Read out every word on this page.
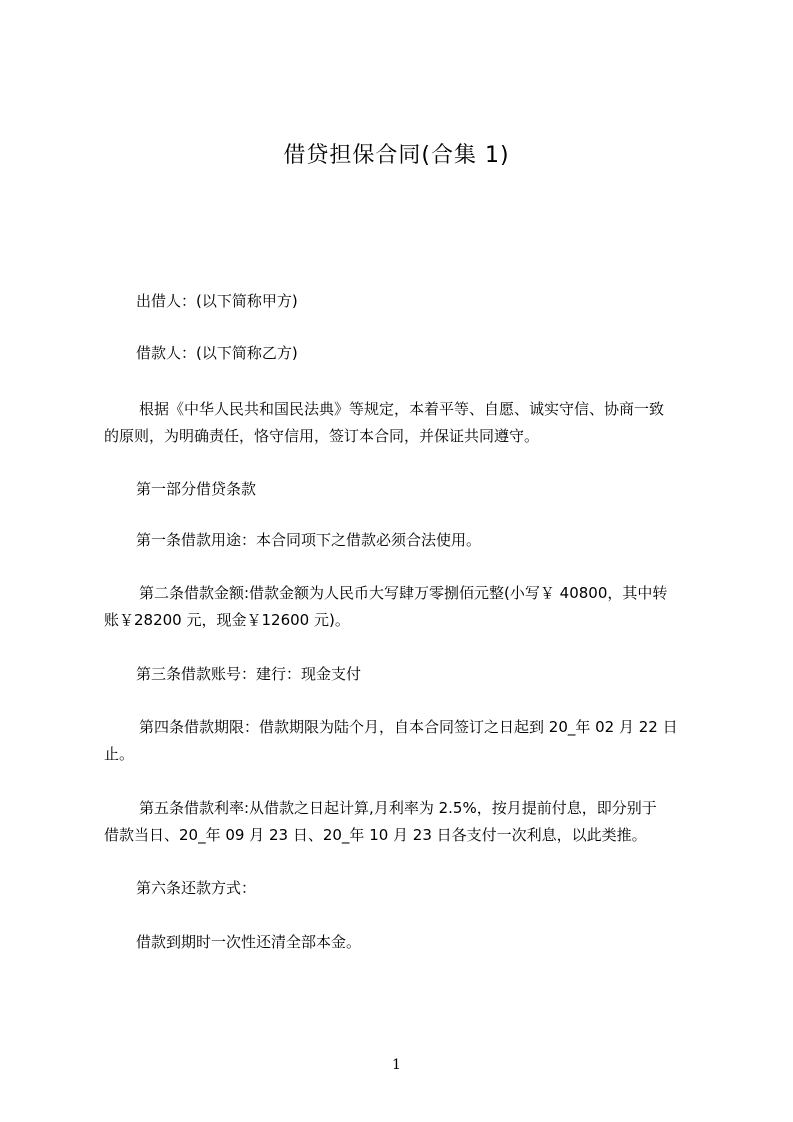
借贷担保合同(合集 1)

出借人：(以下简称甲方)

借款人：(以下简称乙方)

根据《中华人民共和国民法典》等规定，本着平等、自愿、诚实守信、协商一致
的原则，为明确责任，恪守信用，签订本合同，并保证共同遵守。

第一部分借贷条款

第一条借款用途：本合同项下之借款必须合法使用。

第二条借款金额:借款金额为人民币大写肆万零捌佰元整(小写￥ 40800，其中转
账￥28200 元，现金￥12600 元)。

第三条借款账号：建行：现金支付

第四条借款期限：借款期限为陆个月，自本合同签订之日起到 20_年 02 月 22 日
止。
第五条借款利率:从借款之日起计算,月利率为 2.5%，按月提前付息，即分别于
借款当日、20_年 09 月 23 日、20_年 10 月 23 日各支付一次利息，以此类推。

第六条还款方式：

借款到期时一次性还清全部本金。

1
